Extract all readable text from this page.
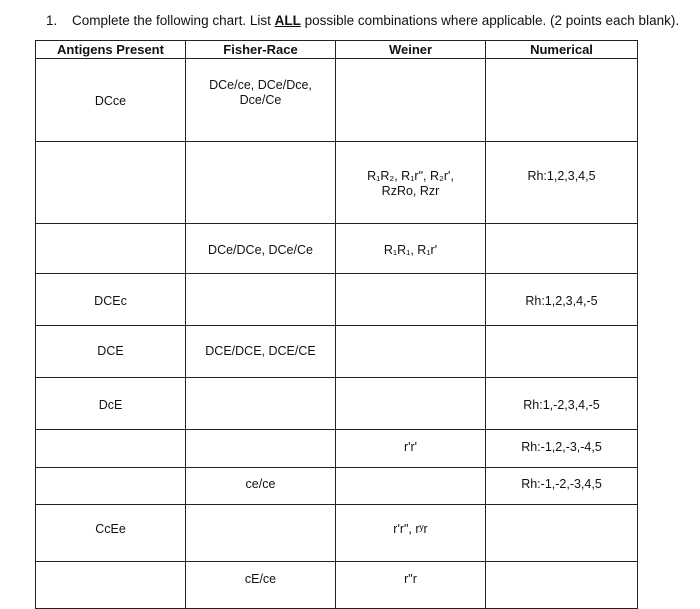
1. Complete the following chart. List ALL possible combinations where applicable. (2 points each blank).
Antigens Present	Fisher-Race	Weiner	Numerical

DCce	DCe/ce, DCe/Dce,
Dce/Ce		

		R₁R₂, R₁r", R₂r',
RzRo, Rzr	Rh:1,2,3,4,5

	DCe/DCe, DCe/Ce	R₁R₁, R₁r'	

DCEc			Rh:1,2,3,4,-5

DCE	DCE/DCE, DCE/CE		

DcE			Rh:1,-2,3,4,-5

		r'r'	Rh:-1,2,-3,-4,5

	ce/ce		Rh:-1,-2,-3,4,5

CcEe		r'r", rʸr	

	cE/ce	r"r	
